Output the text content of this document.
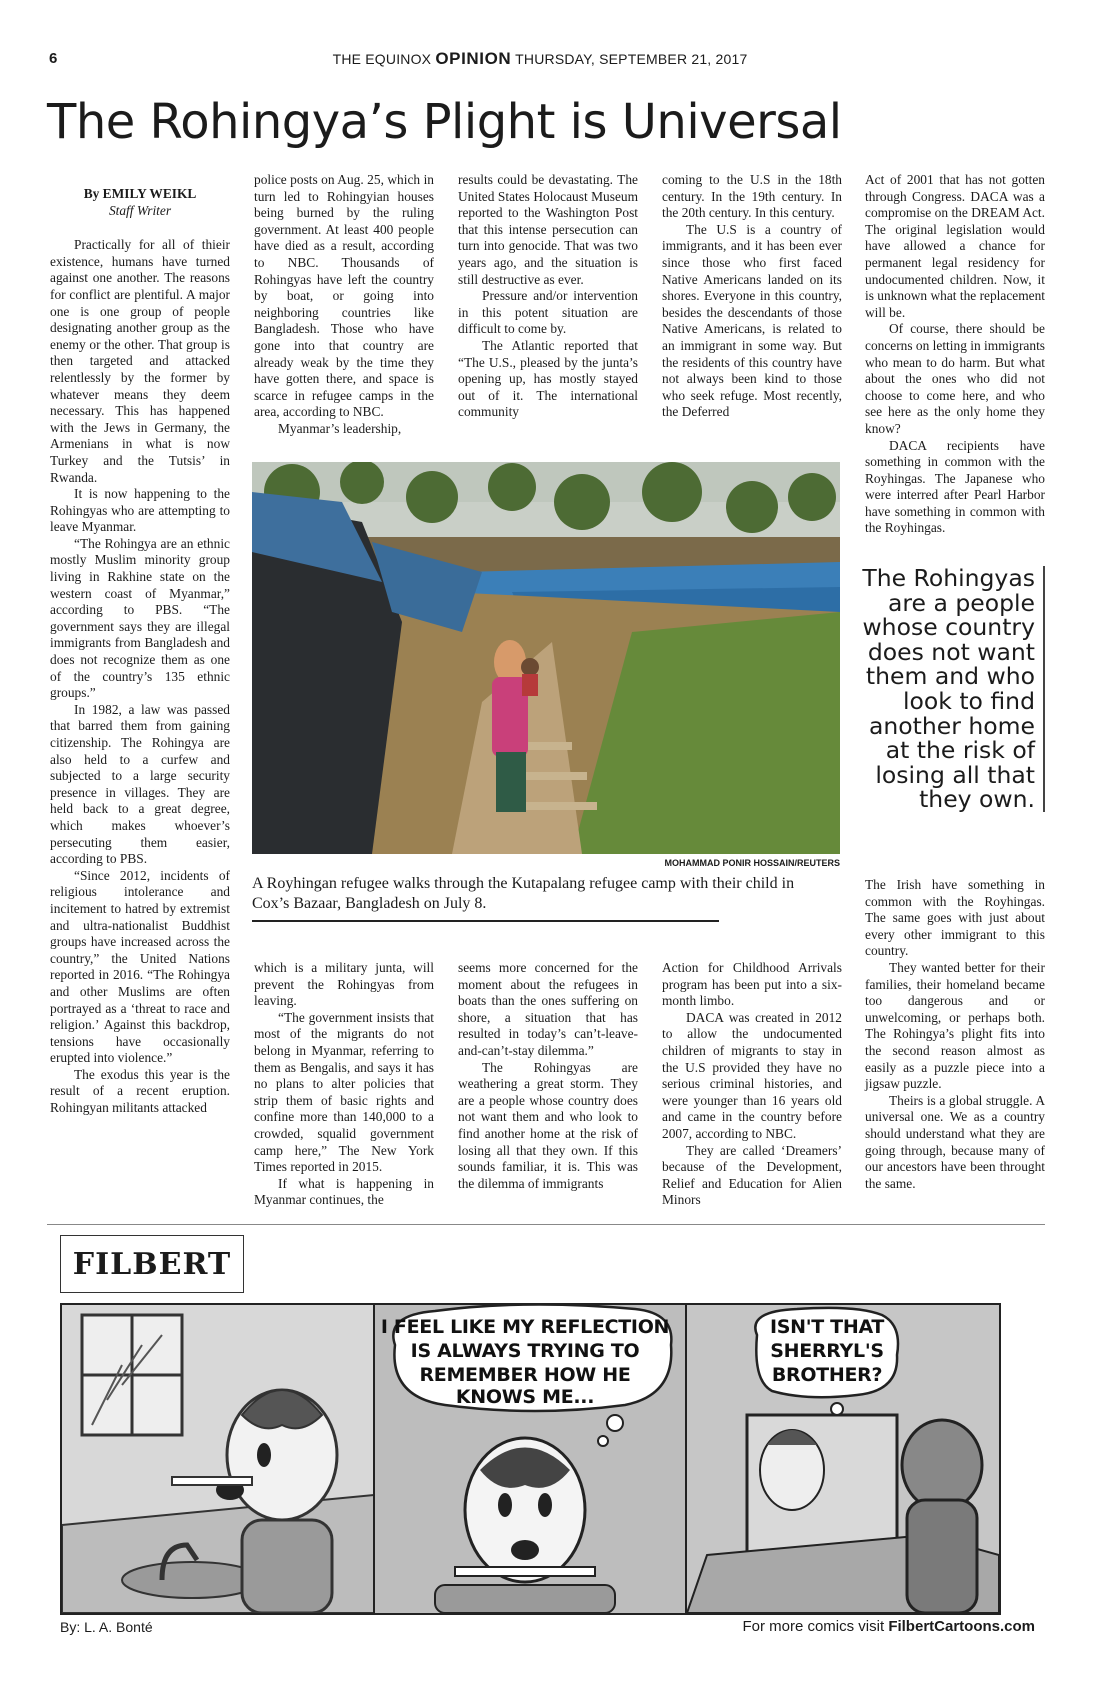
6	THE EQUINOX OPINION THURSDAY, SEPTEMBER 21, 2017
The Rohingya’s Plight is Universal
By EMILY WEIKL
Staff Writer

Practically for all of thieir existence, humans have turned against one another. The reasons for conflict are plentiful. A major one is one group of people designating another group as the enemy or the other. That group is then targeted and attacked relentlessly by the former by whatever means they deem necessary. This has happened with the Jews in Germany, the Armenians in what is now Turkey and the Tutsis’ in Rwanda.

It is now happening to the Rohingyas who are attempting to leave Myanmar.

“The Rohingya are an ethnic mostly Muslim minority group living in Rakhine state on the western coast of Myanmar,” according to PBS. “The government says they are illegal immigrants from Bangladesh and does not recognize them as one of the country’s 135 ethnic groups.”

In 1982, a law was passed that barred them from gaining citizenship. The Rohingya are also held to a curfew and subjected to a large security presence in villages. They are held back to a great degree, which makes whoever’s persecuting them easier, according to PBS.

“Since 2012, incidents of religious intolerance and incitement to hatred by extremist and ultra-nationalist Buddhist groups have increased across the country,” the United Nations reported in 2016. “The Rohingya and other Muslims are often portrayed as a ‘threat to race and religion.’ Against this backdrop, tensions have occasionally erupted into violence.”

The exodus this year is the result of a recent eruption. Rohingyan militants attacked

police posts on Aug. 25, which in turn led to Rohingyian houses being burned by the ruling government. At least 400 people have died as a result, according to NBC. Thousands of Rohingyas have left the country by boat, or going into neighboring countries like Bangladesh. Those who have gone into that country are already weak by the time they have gotten there, and space is scarce in refugee camps in the area, according to NBC.

Myanmar’s leadership,

results could be devastating. The United States Holocaust Museum reported to the Washington Post that this intense persecution can turn into genocide. That was two years ago, and the situation is still destructive as ever.

Pressure and/or intervention in this potent situation are difficult to come by.

The Atlantic reported that “The U.S., pleased by the junta’s opening up, has mostly stayed out of it. The international community

coming to the U.S in the 18th century. In the 19th century. In the 20th century. In this century.

The U.S is a country of immigrants, and it has been ever since those who first faced Native Americans landed on its shores. Everyone in this country, besides the descendants of those Native Americans, is related to an immigrant in some way. But the residents of this country have not always been kind to those who seek refuge. Most recently, the Deferred

Act of 2001 that has not gotten through Congress. DACA was a compromise on the DREAM Act. The original legislation would have allowed a chance for permanent legal residency for undocumented children. Now, it is unknown what the replacement will be.

Of course, there should be concerns on letting in immigrants who mean to do harm. But what about the ones who did not choose to come here, and who see here as the only home they know?

DACA recipients have something in common with the Royhingas. The Japanese who were interred after Pearl Harbor have something in common with the Royhingas.

MOHAMMAD PONIR HOSSAIN/REUTERS
A Royhingan refugee walks through the Kutapalang refugee camp with their child in Cox’s Bazaar, Bangladesh on July 8.
The Rohingyas are a people whose country does not want them and who look to find another home at the risk of losing all that they own.

which is a military junta, will prevent the Rohingyas from leaving.

“The government insists that most of the migrants do not belong in Myanmar, referring to them as Bengalis, and says it has no plans to alter policies that strip them of basic rights and confine more than 140,000 to a crowded, squalid government camp here,” The New York Times reported in 2015.

If what is happening in Myanmar continues, the

seems more concerned for the moment about the refugees in boats than the ones suffering on shore, a situation that has resulted in today’s can’t-leave-and-can’t-stay dilemma.”

The Rohingyas are weathering a great storm. They are a people whose country does not want them and who look to find another home at the risk of losing all that they own. If this sounds familiar, it is. This was the dilemma of immigrants

Action for Childhood Arrivals program has been put into a six-month limbo.

DACA was created in 2012 to allow the undocumented children of migrants to stay in the U.S provided they have no serious criminal histories, and were younger than 16 years old and came in the country before 2007, according to NBC.

They are called ‘Dreamers’ because of the Development, Relief and Education for Alien Minors

The Irish have something in common with the Royhingas. The same goes with just about every other immigrant to this country.

They wanted better for their families, their homeland became too dangerous and or unwelcoming, or perhaps both. The Rohingya’s plight fits into the second reason almost as easily as a puzzle piece into a jigsaw puzzle.

Theirs is a global struggle. A universal one. We as a country should understand what they are going through, because many of our ancestors have been throught the same.

FILBERT
I FEEL LIKE MY REFLECTION
IS ALWAYS TRYING TO
REMEMBER HOW HE
KNOWS ME...
ISN'T THAT
SHERRYL'S
BROTHER?
By: L. A. Bonté	For more comics visit FilbertCartoons.com
